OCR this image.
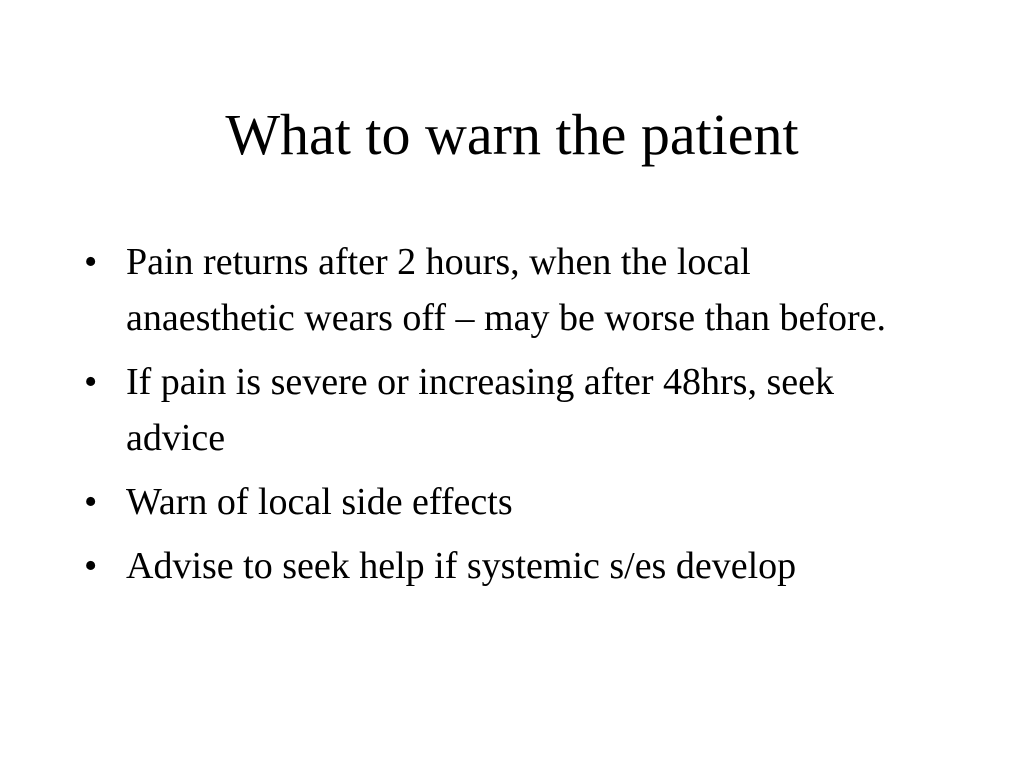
What to warn the patient
• Pain returns after 2 hours, when the local anaesthetic wears off – may be worse than before.
• If pain is severe or increasing after 48hrs, seek advice
• Warn of local side effects
• Advise to seek help if systemic s/es develop
